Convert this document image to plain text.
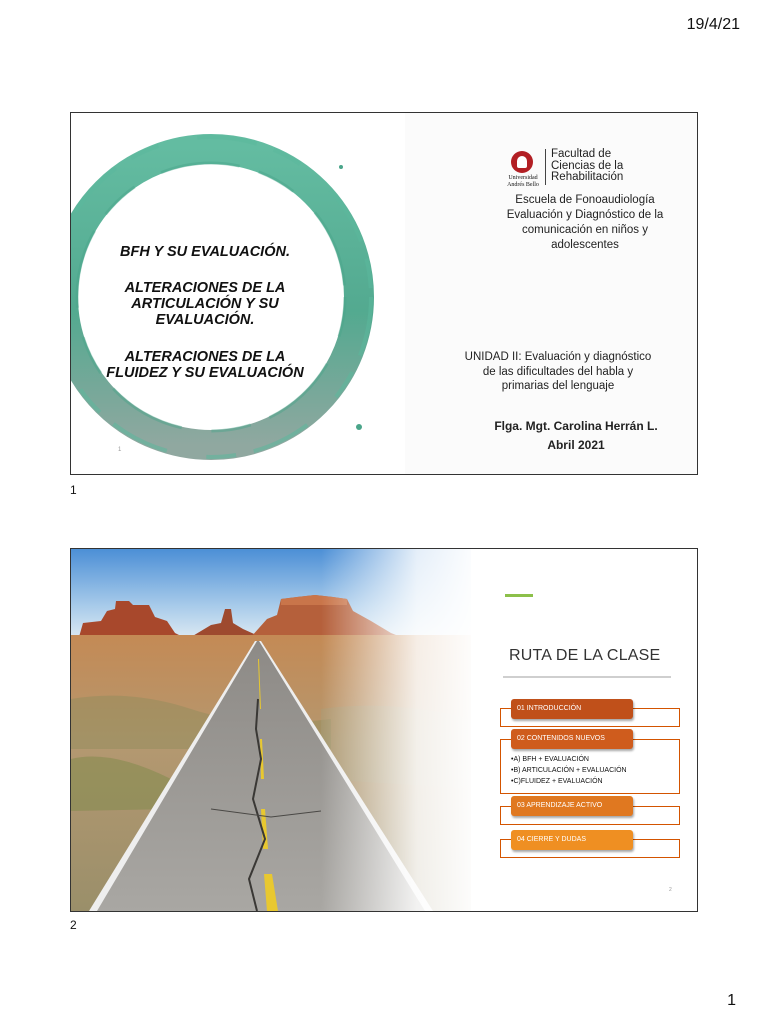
19/4/21
1
BFH Y SU EVALUACIÓN.
ALTERACIONES DE LA
ARTICULACIÓN Y SU
EVALUACIÓN.
ALTERACIONES DE LA
FLUIDEZ Y SU EVALUACIÓN
Universidad
Andrés Bello
Facultad de
Ciencias de la
Rehabilitación
Escuela de Fonoaudiología
Evaluación y Diagnóstico de la
comunicación en niños y
adolescentes
UNIDAD II: Evaluación y diagnóstico
de las dificultades del habla y
primarias del lenguaje
Flga. Mgt. Carolina Herrán L.
Abril 2021
1
1
RUTA DE LA CLASE
01 INTRODUCCIÓN
02 CONTENIDOS NUEVOS
•A) BFH + EVALUACIÓN
•B) ARTICULACIÓN + EVALUACIÓN
•C)FLUIDEZ + EVALUACIÓN
03 APRENDIZAJE ACTIVO
04 CIERRE Y DUDAS
2
2
